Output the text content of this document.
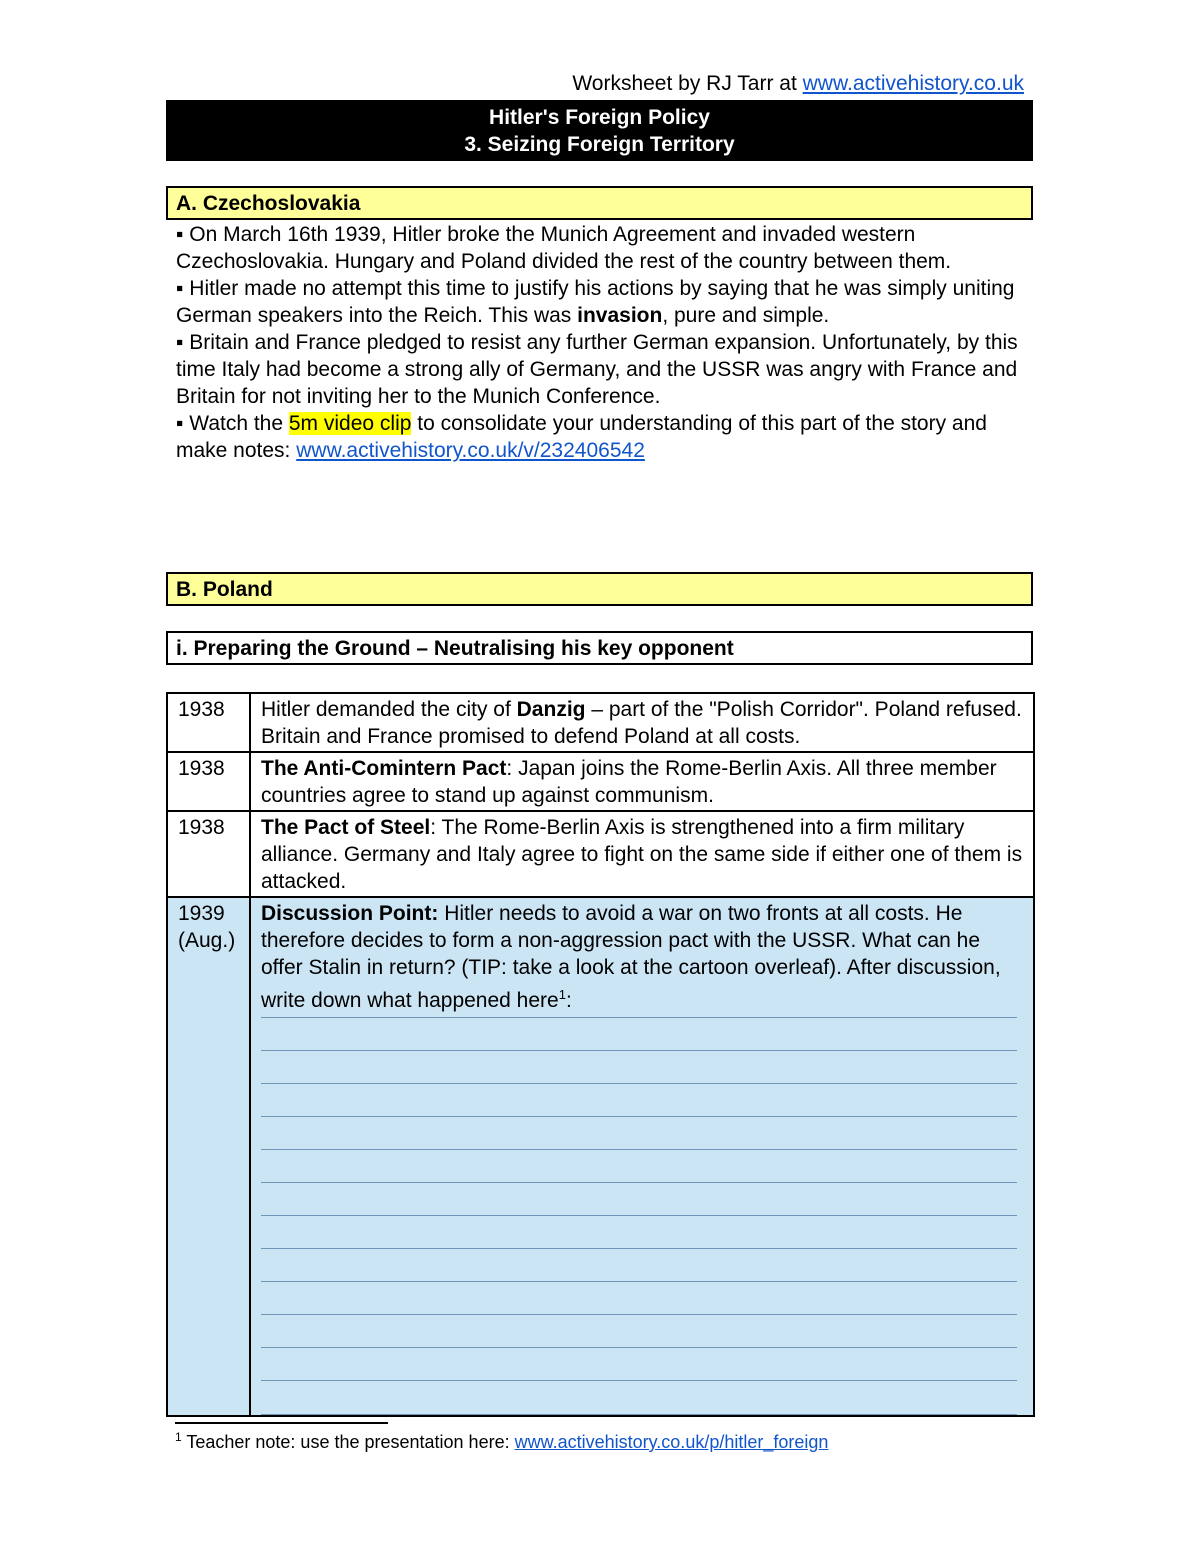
Worksheet by RJ Tarr at www.activehistory.co.uk
Hitler's Foreign Policy
3. Seizing Foreign Territory
A. Czechoslovakia

▪ On March 16th 1939, Hitler broke the Munich Agreement and invaded western Czechoslovakia. Hungary and Poland divided the rest of the country between them.

▪ Hitler made no attempt this time to justify his actions by saying that he was simply uniting German speakers into the Reich. This was invasion, pure and simple.

▪ Britain and France pledged to resist any further German expansion. Unfortunately, by this time Italy had become a strong ally of Germany, and the USSR was angry with France and Britain for not inviting her to the Munich Conference.

▪ Watch the 5m video clip to consolidate your understanding of this part of the story and make notes: www.activehistory.co.uk/v/232406542

B. Poland
i. Preparing the Ground – Neutralising his key opponent
1938	Hitler demanded the city of Danzig – part of the "Polish Corridor". Poland refused. Britain and France promised to defend Poland at all costs.
1938	The Anti-Comintern Pact: Japan joins the Rome-Berlin Axis. All three member countries agree to stand up against communism.
1938	The Pact of Steel: The Rome-Berlin Axis is strengthened into a firm military alliance. Germany and Italy agree to fight on the same side if either one of them is attacked.

1939
(Aug.)	Discussion Point: Hitler needs to avoid a war on two fronts at all costs. He therefore decides to form a non-aggression pact with the USSR. What can he offer Stalin in return? (TIP: take a look at the cartoon overleaf). After discussion, write down what happened here$^1$:
$^1$ Teacher note: use the presentation here: www.activehistory.co.uk/p/hitler_foreign
